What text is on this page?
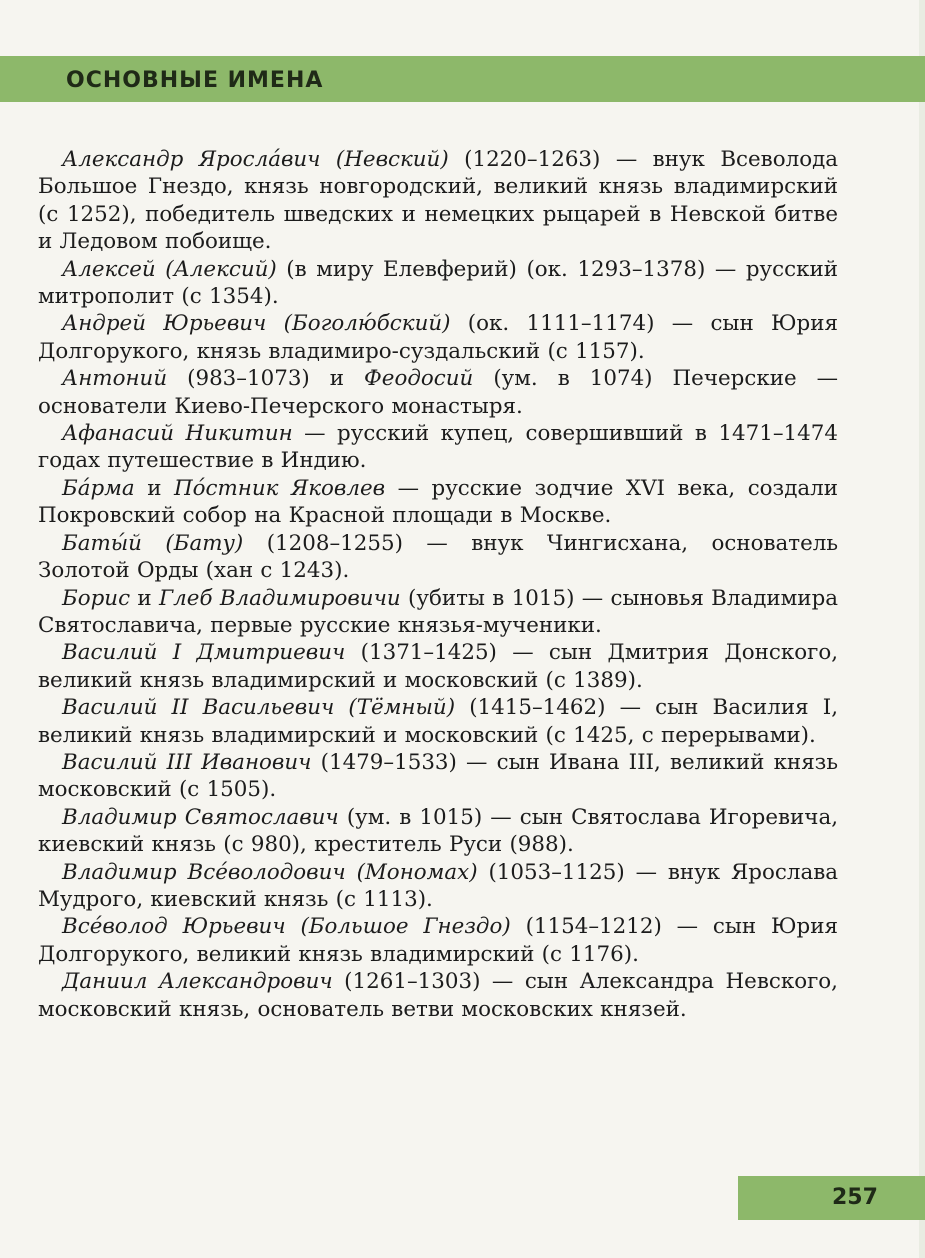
ОСНОВНЫЕ ИМЕНА

Александр Яросла́вич (Невский) (1220–1263) — внук Всеволода Большое Гнездо, князь новгородский, великий князь владимирский (с 1252), победитель шведских и немецких рыцарей в Невской битве и Ледовом побоище.

Алексей (Алексий) (в миру Елевферий) (ок. 1293–1378) — русский митрополит (с 1354).

Андрей Юрьевич (Боголю́бский) (ок. 1111–1174) — сын Юрия Долгорукого, князь владимиро-суздальский (с 1157).

Антоний (983–1073) и Феодосий (ум. в 1074) Печерские — основатели Киево-Печерского монастыря.

Афанасий Никитин — русский купец, совершивший в 1471–1474 годах путешествие в Индию.

Ба́рма и По́стник Яковлев — русские зодчие XVI века, создали Покровский собор на Красной площади в Москве.

Баты́й (Бату) (1208–1255) — внук Чингисхана, основатель Золотой Орды (хан с 1243).

Борис и Глеб Владимировичи (убиты в 1015) — сыновья Владимира Святославича, первые русские князья-мученики.

Василий I Дмитриевич (1371–1425) — сын Дмитрия Донского, великий князь владимирский и московский (с 1389).

Василий II Васильевич (Тёмный) (1415–1462) — сын Василия I, великий князь владимирский и московский (с 1425, с перерывами).

Василий III Иванович (1479–1533) — сын Ивана III, великий князь московский (с 1505).

Владимир Святославич (ум. в 1015) — сын Святослава Игоревича, киевский князь (с 980), креститель Руси (988).

Владимир Все́володович (Мономах) (1053–1125) — внук Ярослава Мудрого, киевский князь (с 1113).

Все́волод Юрьевич (Большое Гнездо) (1154–1212) — сын Юрия Долгорукого, великий князь владимирский (с 1176).

Даниил Александрович (1261–1303) — сын Александра Невского, московский князь, основатель ветви московских князей.

257
